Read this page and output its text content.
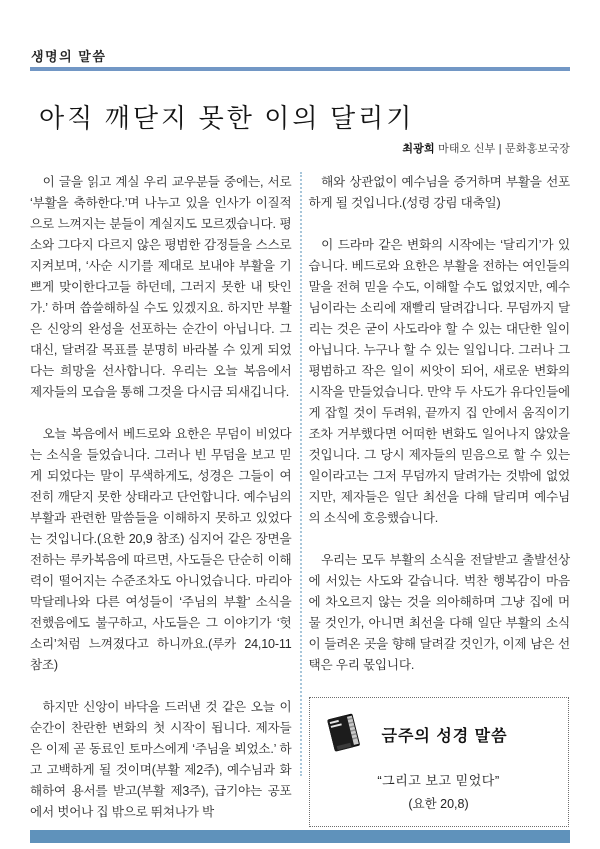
생명의 말씀
아직 깨닫지 못한 이의 달리기
최광희 마태오 신부 | 문화홍보국장

이 글을 읽고 계실 우리 교우분들 중에는, 서로 ‘부활을 축하한다.’며 나누고 있을 인사가 이질적으로 느껴지는 분들이 계실지도 모르겠습니다. 평소와 그다지 다르지 않은 평범한 감정들을 스스로 지켜보며, ‘사순 시기를 제대로 보내야 부활을 기쁘게 맞이한다고들 하던데, 그러지 못한 내 탓인가.’ 하며 씁쓸해하실 수도 있겠지요. 하지만 부활은 신앙의 완성을 선포하는 순간이 아닙니다. 그 대신, 달려갈 목표를 분명히 바라볼 수 있게 되었다는 희망을 선사합니다. 우리는 오늘 복음에서 제자들의 모습을 통해 그것을 다시금 되새깁니다.

오늘 복음에서 베드로와 요한은 무덤이 비었다는 소식을 들었습니다. 그러나 빈 무덤을 보고 믿게 되었다는 말이 무색하게도, 성경은 그들이 여전히 깨닫지 못한 상태라고 단언합니다. 예수님의 부활과 관련한 말씀들을 이해하지 못하고 있었다는 것입니다.(요한 20,9 참조) 심지어 같은 장면을 전하는 루카복음에 따르면, 사도들은 단순히 이해력이 떨어지는 수준조차도 아니었습니다. 마리아 막달레나와 다른 여성들이 ‘주님의 부활’ 소식을 전했음에도 불구하고, 사도들은 그 이야기가 ‘헛소리’처럼 느껴졌다고 하니까요.(루카 24,10-11 참조)

하지만 신앙이 바닥을 드러낸 것 같은 오늘 이 순간이 찬란한 변화의 첫 시작이 됩니다. 제자들은 이제 곧 동료인 토마스에게 ‘주님을 뵈었소.’ 하고 고백하게 될 것이며(부활 제2주), 예수님과 화해하여 용서를 받고(부활 제3주), 급기야는 공포에서 벗어나 집 밖으로 뛰쳐나가 박

해와 상관없이 예수님을 증거하며 부활을 선포하게 될 것입니다.(성령 강림 대축일)

이 드라마 같은 변화의 시작에는 ‘달리기’가 있습니다. 베드로와 요한은 부활을 전하는 여인들의 말을 전혀 믿을 수도, 이해할 수도 없었지만, 예수님이라는 소리에 재빨리 달려갑니다. 무덤까지 달리는 것은 굳이 사도라야 할 수 있는 대단한 일이 아닙니다. 누구나 할 수 있는 일입니다. 그러나 그 평범하고 작은 일이 씨앗이 되어, 새로운 변화의 시작을 만들었습니다. 만약 두 사도가 유다인들에게 잡힐 것이 두려워, 끝까지 집 안에서 움직이기조차 거부했다면 어떠한 변화도 일어나지 않았을 것입니다. 그 당시 제자들의 믿음으로 할 수 있는 일이라고는 그저 무덤까지 달려가는 것밖에 없었지만, 제자들은 일단 최선을 다해 달리며 예수님의 소식에 호응했습니다.

우리는 모두 부활의 소식을 전달받고 출발선상에 서있는 사도와 같습니다. 벅찬 행복감이 마음에 차오르지 않는 것을 의아해하며 그냥 집에 머물 것인가, 아니면 최선을 다해 일단 부활의 소식이 들려온 곳을 향해 달려갈 것인가, 이제 남은 선택은 우리 몫입니다.

금주의 성경 말씀
“그리고 보고 믿었다”
(요한 20,8)
